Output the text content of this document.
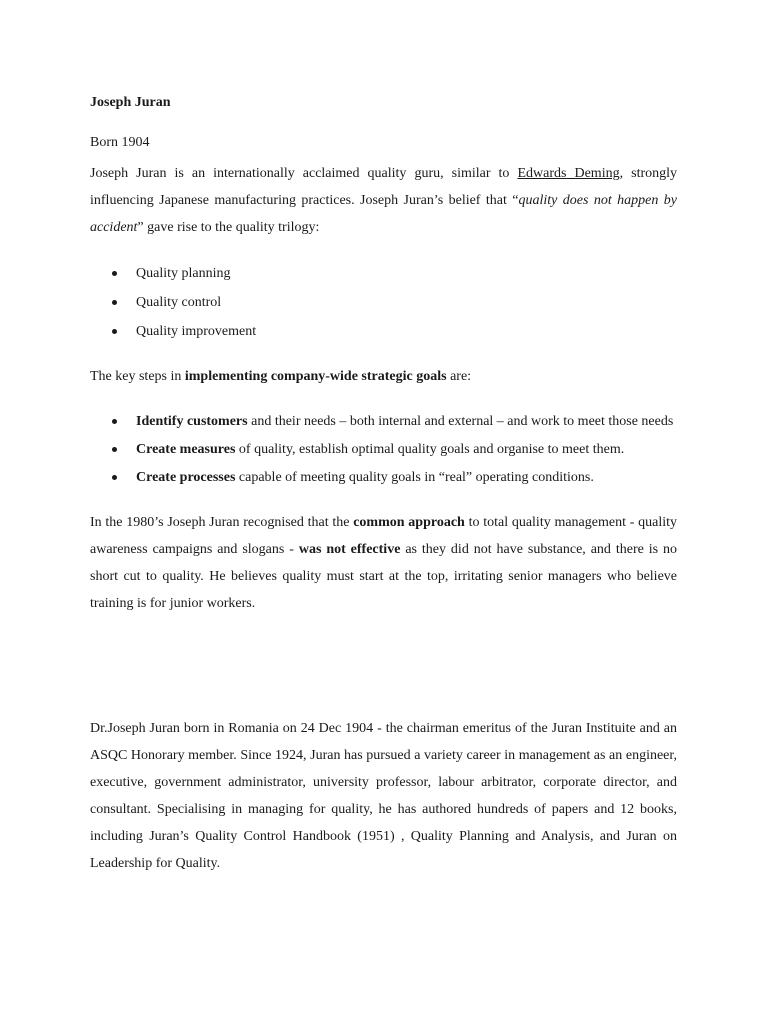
Joseph Juran
Born 1904

Joseph Juran is an internationally acclaimed quality guru, similar to Edwards Deming, strongly influencing Japanese manufacturing practices. Joseph Juran’s belief that “quality does not happen by accident” gave rise to the quality trilogy:

Quality planning
Quality control
Quality improvement

The key steps in implementing company-wide strategic goals are:

Identify customers and their needs – both internal and external – and work to meet those needs
Create measures of quality, establish optimal quality goals and organise to meet them.
Create processes capable of meeting quality goals in “real” operating conditions.

In the 1980’s Joseph Juran recognised that the common approach to total quality management - quality awareness campaigns and slogans - was not effective as they did not have substance, and there is no short cut to quality. He believes quality must start at the top, irritating senior managers who believe training is for junior workers.

Dr.Joseph Juran born in Romania on 24 Dec 1904 - the chairman emeritus of the Juran Instituite and an ASQC Honorary member. Since 1924, Juran has pursued a variety career in management as an engineer, executive, government administrator, university professor, labour arbitrator, corporate director, and consultant. Specialising in managing for quality, he has authored hundreds of papers and 12 books, including Juran’s Quality Control Handbook (1951) , Quality Planning and Analysis, and Juran on Leadership for Quality.
